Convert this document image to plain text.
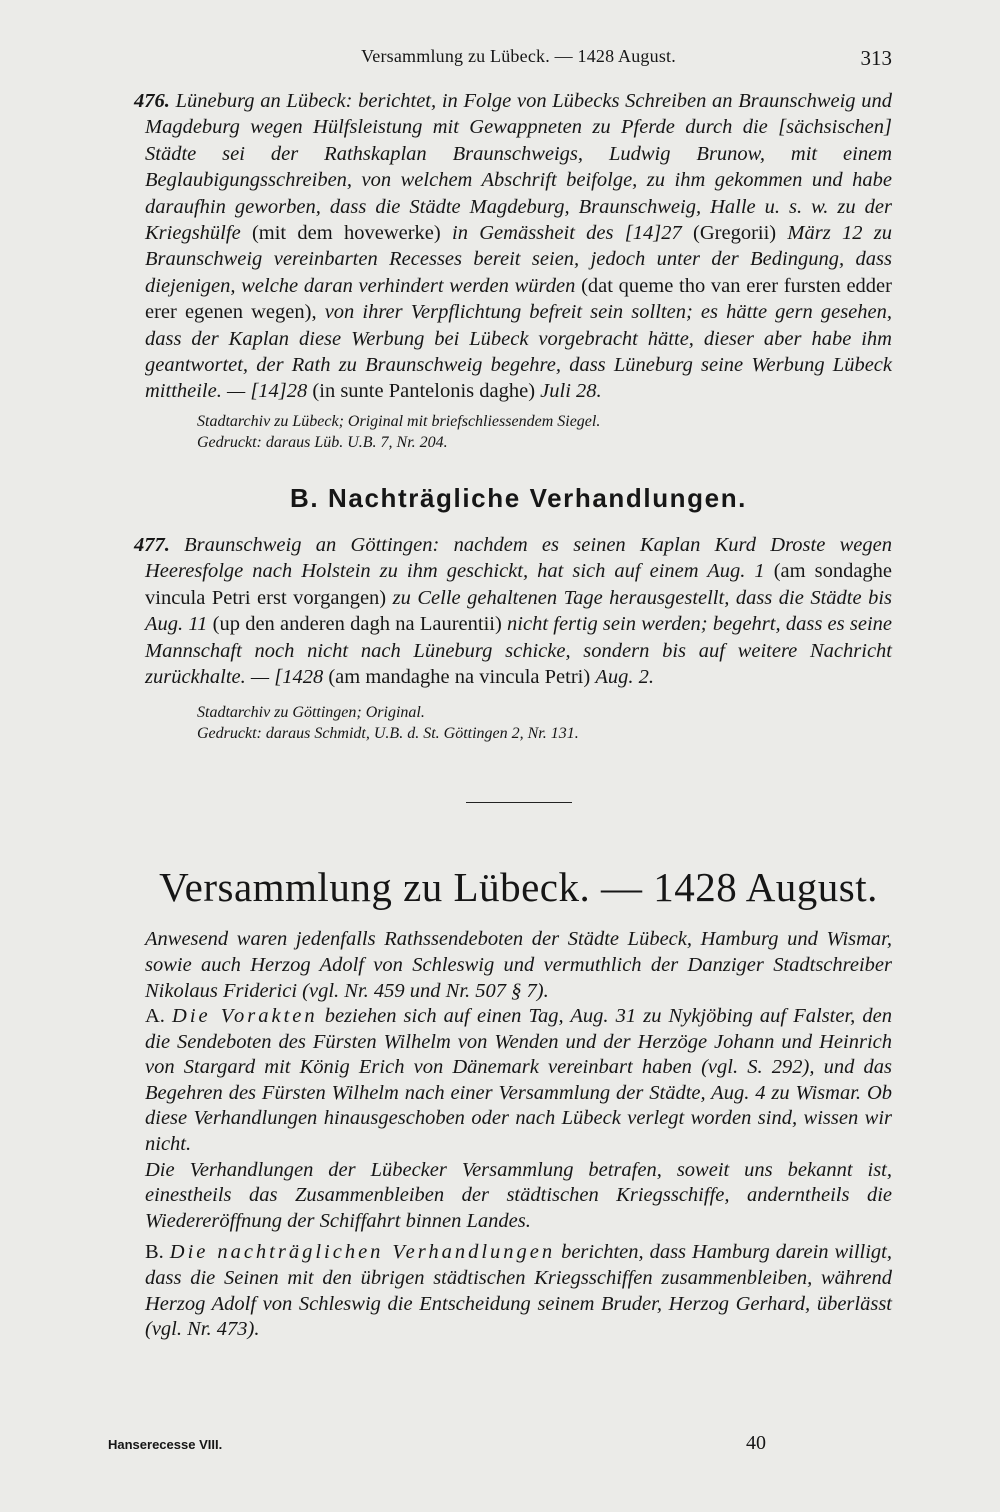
Versammlung zu Lübeck. — 1428 August.	313

476. Lüneburg an Lübeck: berichtet, in Folge von Lübecks Schreiben an Braunschweig und Magdeburg wegen Hülfsleistung mit Gewappneten zu Pferde durch die [sächsischen] Städte sei der Rathskaplan Braunschweigs, Ludwig Brunow, mit einem Beglaubigungsschreiben, von welchem Abschrift beifolge, zu ihm gekommen und habe daraufhin geworben, dass die Städte Magdeburg, Braunschweig, Halle u. s. w. zu der Kriegshülfe (mit dem hovewerke) in Gemässheit des [14]27 (Gregorii) März 12 zu Braunschweig vereinbarten Recesses bereit seien, jedoch unter der Bedingung, dass diejenigen, welche daran verhindert werden würden (dat queme tho van erer fursten edder erer egenen wegen), von ihrer Verpflichtung befreit sein sollten; es hätte gern gesehen, dass der Kaplan diese Werbung bei Lübeck vorgebracht hätte, dieser aber habe ihm geantwortet, der Rath zu Braunschweig begehre, dass Lüneburg seine Werbung Lübeck mittheile. — [14]28 (in sunte Pantelonis daghe) Juli 28.

Stadtarchiv zu Lübeck; Original mit briefschliessendem Siegel.

Gedruckt: daraus Lüb. U.B. 7, Nr. 204.

B. Nachträgliche Verhandlungen.

477. Braunschweig an Göttingen: nachdem es seinen Kaplan Kurd Droste wegen Heeresfolge nach Holstein zu ihm geschickt, hat sich auf einem Aug. 1 (am sondaghe vincula Petri erst vorgangen) zu Celle gehaltenen Tage herausgestellt, dass die Städte bis Aug. 11 (up den anderen dagh na Laurentii) nicht fertig sein werden; begehrt, dass es seine Mannschaft noch nicht nach Lüneburg schicke, sondern bis auf weitere Nachricht zurückhalte. — [1428 (am mandaghe na vincula Petri) Aug. 2.

Stadtarchiv zu Göttingen; Original.

Gedruckt: daraus Schmidt, U.B. d. St. Göttingen 2, Nr. 131.

Versammlung zu Lübeck. — 1428 August.

Anwesend waren jedenfalls Rathssendeboten der Städte Lübeck, Hamburg und Wismar, sowie auch Herzog Adolf von Schleswig und vermuthlich der Danziger Stadtschreiber Nikolaus Friderici (vgl. Nr. 459 und Nr. 507 § 7).

A. Die Vorakten beziehen sich auf einen Tag, Aug. 31 zu Nykjöbing auf Falster, den die Sendeboten des Fürsten Wilhelm von Wenden und der Herzöge Johann und Heinrich von Stargard mit König Erich von Dänemark vereinbart haben (vgl. S. 292), und das Begehren des Fürsten Wilhelm nach einer Versammlung der Städte, Aug. 4 zu Wismar. Ob diese Verhandlungen hinausgeschoben oder nach Lübeck verlegt worden sind, wissen wir nicht.

Die Verhandlungen der Lübecker Versammlung betrafen, soweit uns bekannt ist, einestheils das Zusammenbleiben der städtischen Kriegsschiffe, anderntheils die Wiedereröffnung der Schiffahrt binnen Landes.

B. Die nachträglichen Verhandlungen berichten, dass Hamburg darein willigt, dass die Seinen mit den übrigen städtischen Kriegsschiffen zusammenbleiben, während Herzog Adolf von Schleswig die Entscheidung seinem Bruder, Herzog Gerhard, überlässt (vgl. Nr. 473).

Hanserecesse VIII.	40
